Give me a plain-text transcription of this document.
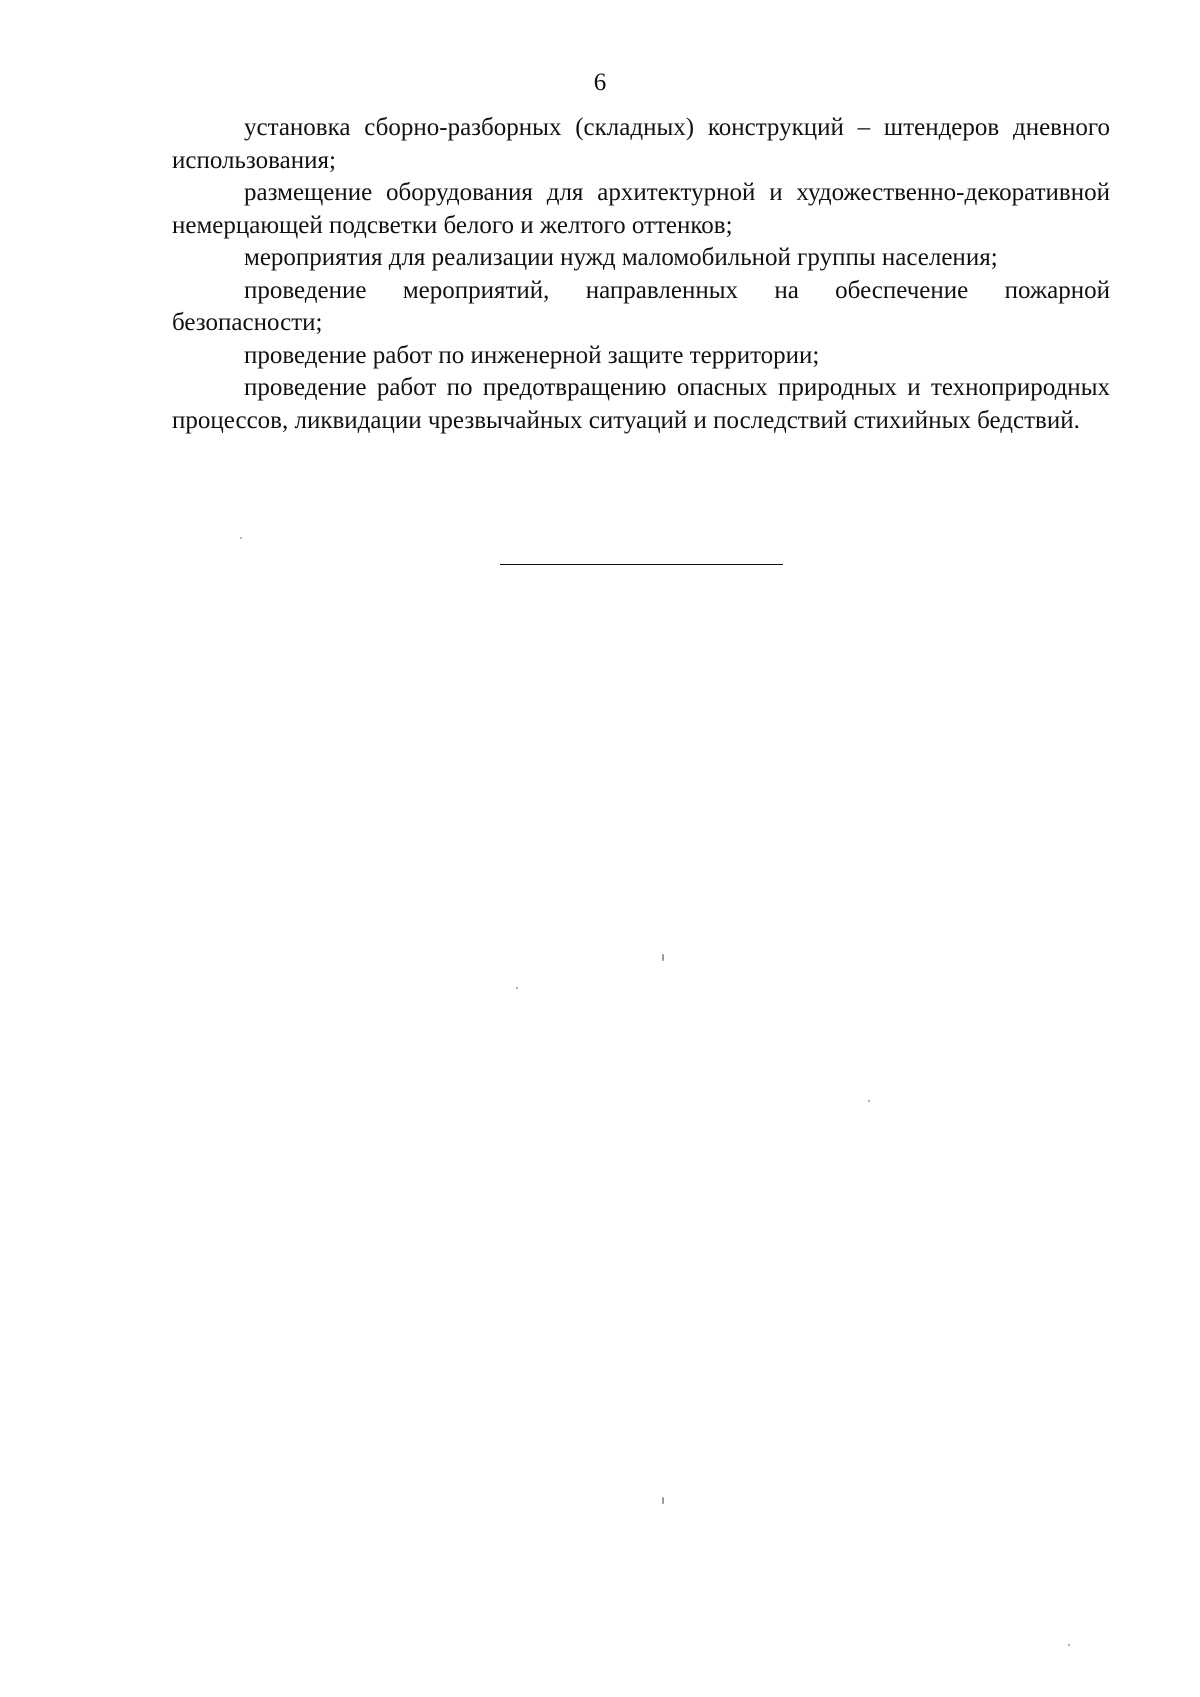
6

установка сборно-разборных (складных) конструкций – штендеров дневного использования;

размещение оборудования для архитектурной и художественно-декоративной немерцающей подсветки белого и желтого оттенков;

мероприятия для реализации нужд маломобильной группы населения;

проведение мероприятий, направленных на обеспечение пожарной безопасности;

проведение работ по инженерной защите территории;

проведение работ по предотвращению опасных природных и техноприродных процессов, ликвидации чрезвычайных ситуаций и последствий стихийных бедствий.
